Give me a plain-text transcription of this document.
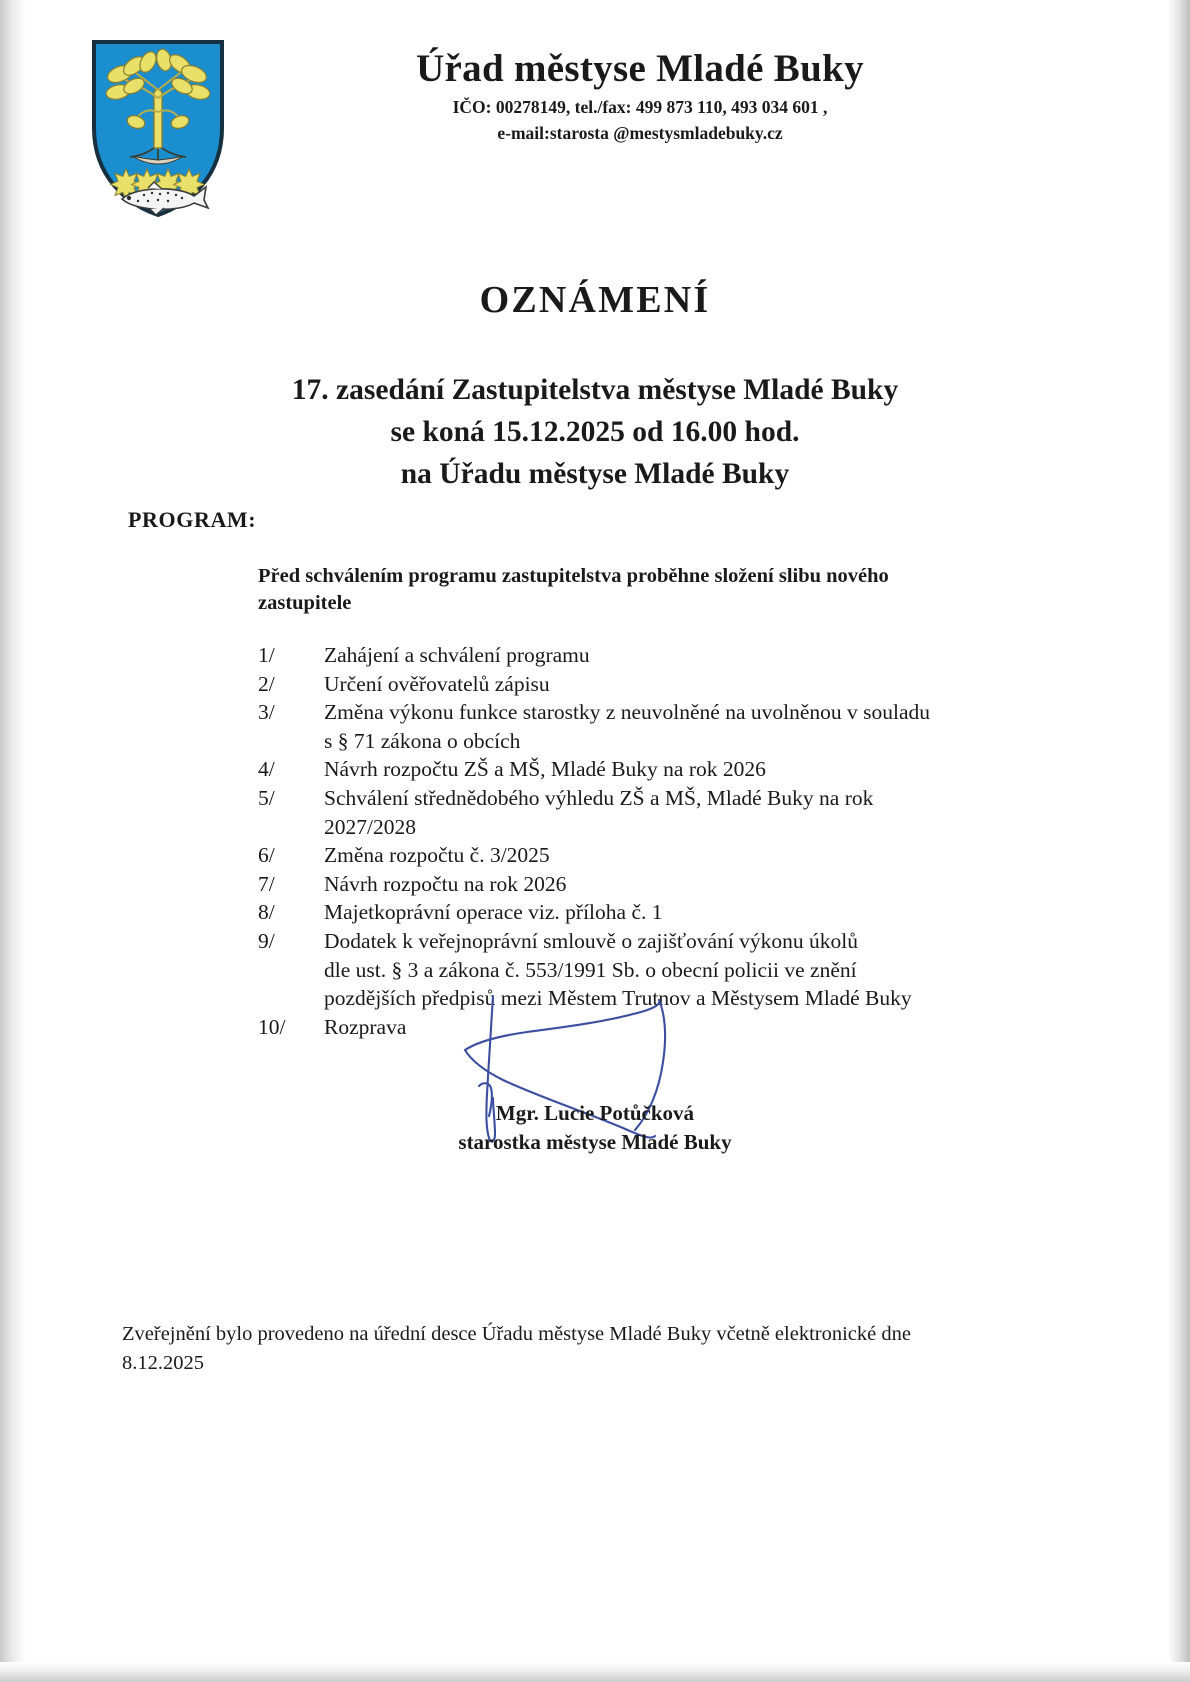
Úřad městyse Mladé Buky
IČO: 00278149, tel./fax: 499 873 110, 493 034 601 ,
e-mail:starosta @mestysmladebuky.cz
OZNÁMENÍ
17. zasedání Zastupitelstva městyse Mladé Buky
se koná 15.12.2025 od 16.00 hod.
na Úřadu městyse Mladé Buky
PROGRAM:
Před schválením programu zastupitelstva proběhne složení slibu nového zastupitele
1/	Zahájení a schválení programu
2/	Určení ověřovatelů zápisu
3/	Změna výkonu funkce starostky z neuvolněné na uvolněnou v souladu
s § 71 zákona o obcích
4/	Návrh rozpočtu ZŠ a MŠ, Mladé Buky na rok 2026
5/	Schválení střednědobého výhledu ZŠ a MŠ, Mladé Buky na rok
2027/2028
6/	Změna rozpočtu č. 3/2025
7/	Návrh rozpočtu na rok 2026
8/	Majetkoprávní operace viz. příloha č. 1
9/	Dodatek k veřejnoprávní smlouvě o zajišťování výkonu úkolů
dle ust. § 3 a zákona č. 553/1991 Sb. o obecní policii ve znění
pozdějších předpisů mezi Městem Trutnov a Městysem Mladé Buky
10/	Rozprava
Mgr. Lucie Potůčková
starostka městyse Mladé Buky
Zveřejnění bylo provedeno na úřední desce Úřadu městyse Mladé Buky včetně elektronické dne
8.12.2025
